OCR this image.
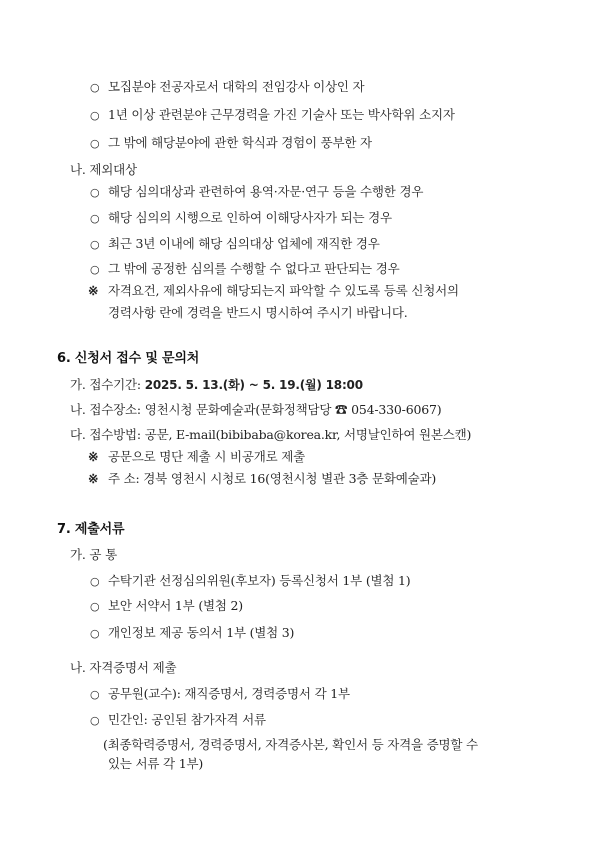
○ 모집분야 전공자로서 대학의 전임강사 이상인 자
○ 1년 이상 관련분야 근무경력을 가진 기술사 또는 박사학위 소지자
○ 그 밖에 해당분야에 관한 학식과 경험이 풍부한 자
나. 제외대상
○ 해당 심의대상과 관련하여 용역·자문·연구 등을 수행한 경우
○ 해당 심의의 시행으로 인하여 이해당사자가 되는 경우
○ 최근 3년 이내에 해당 심의대상 업체에 재직한 경우
○ 그 밖에 공정한 심의를 수행할 수 없다고 판단되는 경우
※ 자격요건, 제외사유에 해당되는지 파악할 수 있도록 등록 신청서의
경력사항 란에 경력을 반드시 명시하여 주시기 바랍니다.
6. 신청서 접수 및 문의처
가. 접수기간: 2025. 5. 13.(화) ~ 5. 19.(월) 18:00
나. 접수장소: 영천시청 문화예술과(문화정책담당 ☎ 054-330-6067)
다. 접수방법: 공문, E-mail(bibibaba@korea.kr, 서명날인하여 원본스캔)
※ 공문으로 명단 제출 시 비공개로 제출
※ 주 소: 경북 영천시 시청로 16(영천시청 별관 3층 문화예술과)
7. 제출서류
가. 공 통
○ 수탁기관 선정심의위원(후보자) 등록신청서 1부 (별첨 1)
○ 보안 서약서 1부 (별첨 2)
○ 개인정보 제공 동의서 1부 (별첨 3)
나. 자격증명서 제출
○ 공무원(교수): 재직증명서, 경력증명서 각 1부
○ 민간인: 공인된 참가자격 서류
(최종학력증명서, 경력증명서, 자격증사본, 확인서 등 자격을 증명할 수
있는 서류 각 1부)
